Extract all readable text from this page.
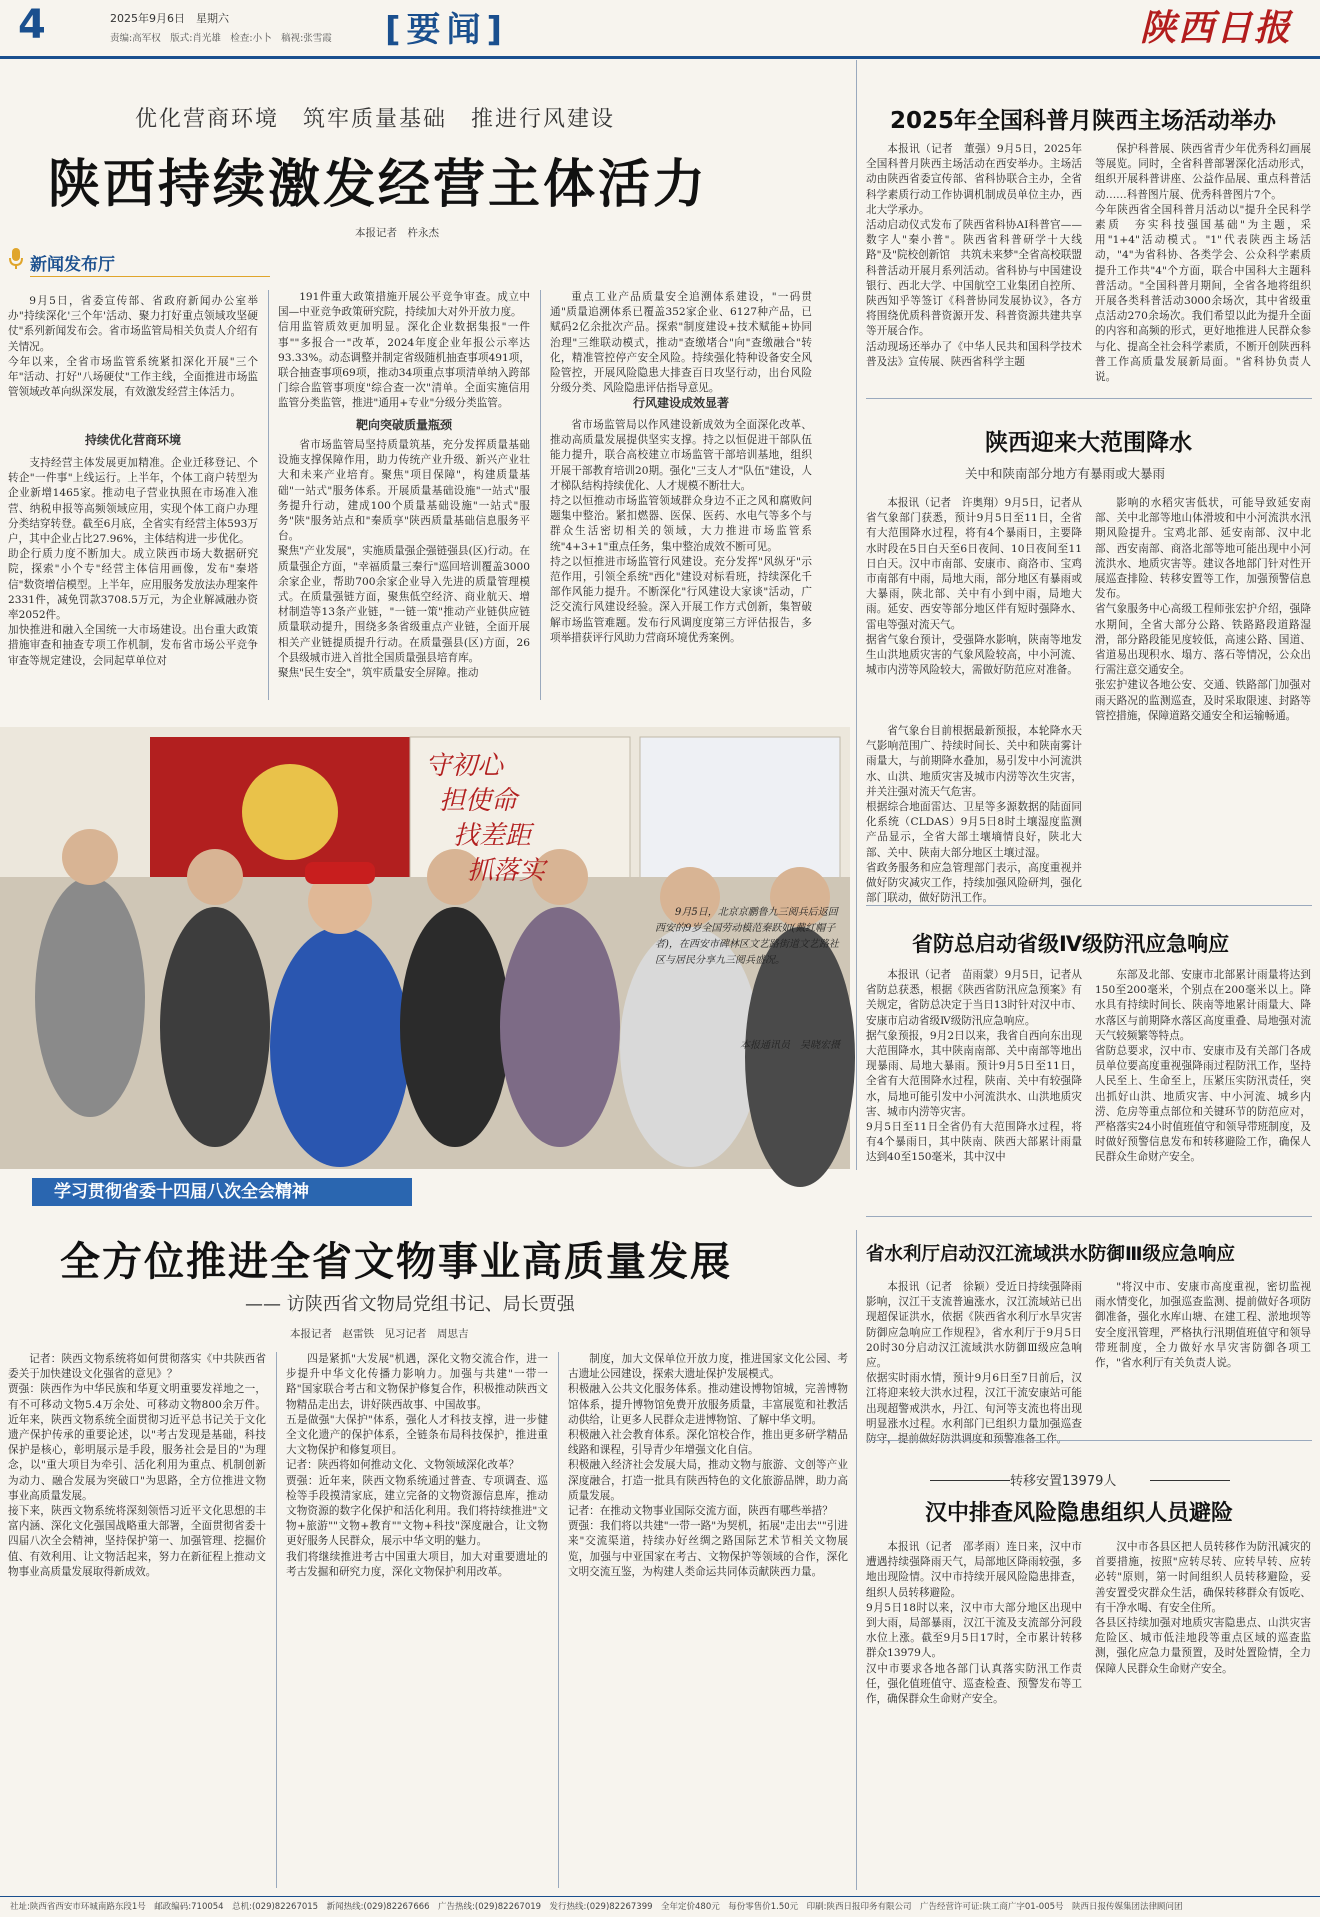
4	2025年9月6日　星期六
责编:高军权　版式:肖光雄　检查:小卜　稿视:张雪霞 [要闻]	陕西日报
优化营商环境　筑牢质量基础　推进行风建设
陕西持续激发经营主体活力
本报记者　杵永杰
新闻发布厅
9月5日，省委宣传部、省政府新闻办公室举办"持续深化'三个年'活动、聚力打好重点领域攻坚硬仗"系列新闻发布会。省市场监管局相关负责人介绍有关情况。
今年以来，全省市场监管系统紧扣深化开展"三个年"活动、打好"八场硬仗"工作主线，全面推进市场监管领域改革向纵深发展，有效激发经营主体活力。
持续优化营商环境
支持经营主体发展更加精准。企业迁移登记、个转企"一件事"上线运行。上半年，个体工商户转型为企业新增1465家。推动电子营业执照在市场准入准营、纳税申报等高频领域应用，实现个体工商户办理分类结穿转登。截至6月底，全省实有经营主体593万户，其中企业占比27.96%，主体结构进一步优化。
助企行质力度不断加大。成立陕西市场大数据研究院，探索"小个专"经营主体信用画像，发布"秦塔信"数资增信模型。上半年，应用服务发放法办理案件2331件，减免罚款3708.5万元，为企业解减融办资率2052件。
加快推进和融入全国统一大市场建设。出台重大政策措施审查和抽查专项工作机制，发布省市场公平竞争审查等规定建设，会同起草单位对
191件重大政策措施开展公平竞争审查。成立中国—中亚竞争政策研究院，持续加大对外开放力度。
信用监管质效更加明显。深化企业数据集报"一件事""多报合一"改革，2024年度企业年报公示率达93.33%。动态调整并制定省级随机抽查事项491项，联合抽查事项69项，推动34项重点事项清单纳入跨部门综合监管事项度"综合查一次"清单。全面实施信用监管分类监管，推进"通用+专业"分级分类监管。
靶向突破质量瓶颈
省市场监管局坚持质量筑基，充分发挥质量基础设施支撑保障作用，助力传统产业升级、新兴产业壮大和未来产业培育。聚焦"项目保障"，构建质量基础"一站式"服务体系。开展质量基础设施"一站式"服务提升行动，建成100个质量基础设施"一站式"服务"陕"服务站点和"秦质享"陕西质量基础信息服务平台。
聚焦"产业发展"，实施质量强企强链强县(区)行动。在质量强企方面，"幸福质量三秦行"巡回培训覆盖3000余家企业，帮助700余家企业导入先进的质量管理模式。在质量强链方面，聚焦低空经济、商业航天、增材制造等13条产业链，"一链一策"推动产业链供应链质量联动提升，围绕多条省级重点产业链，全面开展相关产业链提质提升行动。在质量强县(区)方面，26个县级城市进入首批全国质量强县培育库。
聚焦"民生安全"，筑牢质量安全屏障。推动
重点工业产品质量安全追溯体系建设，"一码贯通"质量追溯体系已覆盖352家企业、6127种产品，已赋码2亿余批次产品。探索"制度建设+技术赋能+协同治理"三维联动模式，推动"查缴堵合"向"查缴融合"转化，精准管控停产安全风险。持续强化特种设备安全风险管控，开展风险隐患大排查百日攻坚行动，出台风险分级分类、风险隐患评估指导意见。
行风建设成效显著
省市场监管局以作风建设新成效为全面深化改革、推动高质量发展提供坚实支撑。持之以恒促进干部队伍能力提升，联合高校建立市场监管干部培训基地，组织开展干部教育培训20期。强化"三支人才"队伍"建设，人才梯队结构持续优化、人才规模不断壮大。
持之以恒推动市场监管领域群众身边不正之风和腐败问题集中整治。紧扣燃器、医保、医药、水电气等多个与群众生活密切相关的领域，大力推进市场监管系统"4+3+1"重点任务，集中整治成效不断可见。
持之以恒推进市场监管行风建设。充分发挥"风纵牙"示范作用，引领全系统"西化"建设对标看班，持续深化千部作风能力提升。不断深化"行风建设大家谈"活动，广泛交流行风建设经验。深入开展工作方式创新，集智破解市场监管难题。发布行风调度度第三方评估报告，多项举措获评行风助力营商环境优秀案例。
2025年全国科普月陕西主场活动举办
本报讯（记者　董强）9月5日，2025年全国科普月陕西主场活动在西安举办。主场活动由陕西省委宣传部、省科协联合主办，全省科学素质行动工作协调机制成员单位主办，西北大学承办。
活动启动仪式发布了陕西省科协AI科普官——数字人"秦小普"。陕西省科普研学十大线路"及"院校创新馆　共筑未来梦"全省高校联盟科普活动开展月系列活动。省科协与中国建设银行、西北大学、中国航空工业集团自控所、陕西知乎等签订《科普协同发展协议》，各方将围绕优质科普资源开发、科普资源共建共享等开展合作。
活动现场还举办了《中华人民共和国科学技术普及法》宣传展、陕西省科学主题
保护科普展、陕西省青少年优秀科幻画展等展览。同时，全省科普部署深化活动形式，组织开展科普讲座、公益作品展、重点科普活动……科普图片展、优秀科普图片7个。
今年陕西省全国科普月活动以"提升全民科学素质　夯实科技强国基础"为主题，采用"1+4"活动模式。"1"代表陕西主场活动，"4"为省科协、各类学会、公众科学素质提升工作共"4"个方面，联合中国科大主题科普活动。"全国科普月期间，全省各地将组织开展各类科普活动3000余场次，其中省级重点活动270余场次。我们希望以此为提升全面的内容和高频的形式，更好地推进人民群众参与化、提高全社会科学素质，不断开创陕西科普工作高质量发展新局面。"省科协负责人说。
陕西迎来大范围降水
关中和陕南部分地方有暴雨或大暴雨
本报讯（记者　许奥翔）9月5日，记者从省气象部门获悉，预计9月5日至11日，全省有大范围降水过程，将有4个暴雨日，主要降水时段在5日白天至6日夜间、10日夜间至11日白天。汉中市南部、安康市、商洛市、宝鸡市南部有中雨，局地大雨，部分地区有暴雨或大暴雨，陕北部、关中有小到中雨，局地大雨。延安、西安等部分地区伴有短时强降水、雷电等强对流天气。
据省气象台预计，受强降水影响，陕南等地发生山洪地质灾害的气象风险较高，中小河流、城市内涝等风险较大，需做好防范应对准备。
省气象台目前根据最新预报，本轮降水天气影响范围广、持续时间长、关中和陕南雾计雨量大，与前期降水叠加，易引发中小河流洪水、山洪、地质灾害及城市内涝等次生灾害，并关注强对流天气危害。
根据综合地面雷达、卫星等多源数据的陆面同化系统（CLDAS）9月5日8时土壤湿度监测产品显示，全省大部土壤墒情良好，陕北大部、关中、陕南大部分地区土壤过湿。
省政务服务和应急管理部门表示，高度重视并做好防灾减灾工作，持续加强风险研判，强化部门联动，做好防汛工作。
影响的水稻灾害低状，可能导致延安南部、关中北部等地山体滑坡和中小河流洪水汛期风险提升。宝鸡北部、延安南部、汉中北部、西安南部、商洛北部等地可能出现中小河流洪水、地质灾害等。建议各地部门针对性开展巡查排险、转移安置等工作，加强预警信息发布。
省气象服务中心高级工程师张宏护介绍，强降水期间，全省大部分公路、铁路路段道路湿滑，部分路段能见度较低，高速公路、国道、省道易出现积水、塌方、落石等情况，公众出行需注意交通安全。
张宏护建议各地公安、交通、铁路部门加强对雨天路况的监测巡查，及时采取限速、封路等管控措施，保障道路交通安全和运输畅通。
省防总启动省级Ⅳ级防汛应急响应
本报讯（记者　苗雨蒙）9月5日，记者从省防总获悉，根据《陕西省防汛应急预案》有关规定，省防总决定于当日13时针对汉中市、安康市启动省级Ⅳ级防汛应急响应。
据气象预报，9月2日以来，我省自西向东出现大范围降水，其中陕南南部、关中南部等地出现暴雨、局地大暴雨。预计9月5日至11日，全省有大范围降水过程，陕南、关中有较强降水，局地可能引发中小河流洪水、山洪地质灾害、城市内涝等灾害。
9月5日至11日全省仍有大范围降水过程，将有4个暴雨日，其中陕南、陕西大部累计雨量达到40至150毫米，其中汉中
东部及北部、安康市北部累计雨量将达到150至200毫米，个别点在200毫米以上。降水具有持续时间长、陕南等地累计雨量大、降水落区与前期降水落区高度重叠、局地强对流天气较频繁等特点。
省防总要求，汉中市、安康市及有关部门各成员单位要高度重视强降雨过程防汛工作，坚持人民至上、生命至上，压紧压实防汛责任，突出抓好山洪、地质灾害、中小河流、城乡内涝、危房等重点部位和关键环节的防范应对，严格落实24小时值班值守和领导带班制度，及时做好预警信息发布和转移避险工作，确保人民群众生命财产安全。
省水利厅启动汉江流域洪水防御Ⅲ级应急响应
本报讯（记者　徐颖）受近日持续强降雨影响，汉江干支流普遍涨水，汉江流域站已出现超保证洪水，依据《陕西省水利厅水旱灾害防御应急响应工作规程》，省水利厅于9月5日20时30分启动汉江流域洪水防御Ⅲ级应急响应。
依据实时雨水情，预计9月6日至7日前后，汉江将迎来较大洪水过程，汉江干流安康站可能出现超警戒洪水，丹江、旬河等支流也将出现明显涨水过程。水利部门已组织力量加强巡查
"将汉中市、安康市高度重视，密切监视雨水情变化，加强巡查监测、提前做好各项防御准备，强化水库山塘、在建工程、淤地坝等安全度汛管理，严格执行汛期值班值守和领导带班制度，全力做好水旱灾害防御各项工作，"省水利厅有关负责人说。
转移安置13979人
汉中排查风险隐患组织人员避险
本报讯（记者　邵孝雨）连日来，汉中市遭遇持续强降雨天气，局部地区降雨较强，多地出现险情。汉中市持续开展风险隐患排查，组织人员转移避险。
9月5日18时以来，汉中市大部分地区出现中到大雨，局部暴雨，汉江干流及支流部分河段水位上涨。截至9月5日17时，全市累计转移群众13979人。
汉中市要求各地各部门认真落实防汛工作责任，强化值班值守、巡查检查、预警发布等工作，确保群众生命财产安全。
汉中市各县区把人员转移作为防汛减灾的首要措施，按照"应转尽转、应转早转、应转必转"原则，第一时间组织人员转移避险，妥善安置受灾群众生活，确保转移群众有饭吃、有干净水喝、有安全住所。
各县区持续加强对地质灾害隐患点、山洪灾害危险区、城市低洼地段等重点区域的巡查监测，强化应急力量预置，及时处置险情，全力保障人民群众生命财产安全。
守初心
担使命
找差距
抓落实
9月5日，北京京鹏鲁九三阅兵后返回西安的9岁全国劳动模范秦跃如(戴红帽子者)，在西安市碑林区文艺路街道文艺路社区与居民分享九三阅兵盛况。
本报通讯员　吴晓宏摄
学习贯彻省委十四届八次全会精神
全方位推进全省文物事业高质量发展
—— 访陕西省文物局党组书记、局长贾强
本报记者　赵雷铁　见习记者　周思吉
记者：陕西文物系统将如何贯彻落实《中共陕西省委关于加快建设文化强省的意见》？
贾强：陕西作为中华民族和华夏文明重要发祥地之一，有不可移动文物5.4万余处、可移动文物800余万件。近年来，陕西文物系统全面贯彻习近平总书记关于文化遗产保护传承的重要论述，以"考古发现是基础，科技保护是核心，彰明展示是手段，服务社会是目的"为理念，以"重大项目为牵引、活化利用为重点、机制创新为动力、融合发展为突破口"为思路，全方位推进文物事业高质量发展。
接下来，陕西文物系统将深刻领悟习近平文化思想的丰富内涵、深化文化强国战略重大部署，全面贯彻省委十四届八次全会精神，坚持保护第一、加强管理、挖掘价值、有效利用、让文物活起来，努力在新征程上推动文物事业高质量发展取得新成效。
四是紧抓"大发展"机遇，深化文物交流合作，进一步提升中华文化传播力影响力。加强与共建"一带一路"国家联合考古和文物保护修复合作，积极推动陕西文物精品走出去，讲好陕西故事、中国故事。
五是做强"大保护"体系，强化人才科技支撑，进一步健全文化遗产的保护体系，全链条布局科技保护，推进重大文物保护和修复项目。
记者：陕西将如何推动文化、文物领域深化改革？
贾强：近年来，陕西文物系统通过普查、专项调查、巡检等手段摸清家底，建立完备的文物资源信息库，推动文物资源的数字化保护和活化利用。我们将持续推进"文物+旅游""文物+教育""文物+科技"深度融合，让文物更好服务人民群众，展示中华文明的魅力。
我们将继续推进考古中国重大项目，加大对重要遗址的考古发掘和研究力度，深化文物保护利用改革。
制度，加大文保单位开放力度，推进国家文化公园、考古遗址公园建设，探索大遗址保护发展模式。
积极融入公共文化服务体系。推动建设博物馆城，完善博物馆体系，提升博物馆免费开放服务质量，丰富展览和社教活动供给，让更多人民群众走进博物馆、了解中华文明。
积极融入社会教育体系。深化馆校合作，推出更多研学精品线路和课程，引导青少年增强文化自信。
积极融入经济社会发展大局，推动文物与旅游、文创等产业深度融合，打造一批具有陕西特色的文化旅游品牌，助力高质量发展。
记者：在推动文物事业国际交流方面，陕西有哪些举措？
贾强：我们将以共建"一带一路"为契机，拓展"走出去""引进来"交流渠道，持续办好丝绸之路国际艺术节相关文物展览，加强与中亚国家在考古、文物保护等领域的合作，深化文明交流互鉴，为构建人类命运共同体贡献陕西力量。
社址:陕西省西安市环城南路东段1号　邮政编码:710054　总机:(029)82267015　新闻热线:(029)82267666　广告热线:(029)82267019　发行热线:(029)82267399　全年定价480元　每份零售价1.50元　印刷:陕西日报印务有限公司　广告经营许可证:陕工商广字01-005号　陕西日报传媒集团法律顾问团
